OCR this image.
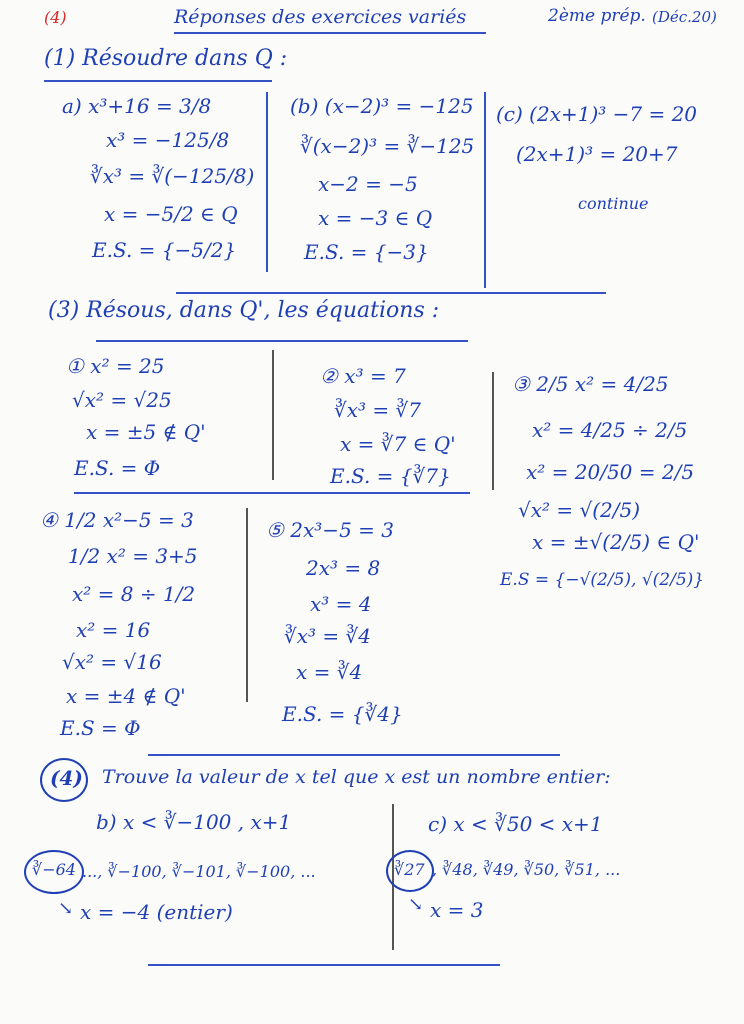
(4)	Réponses des exercices variés	2ème prép. (Déc.20)
(1) Résoudre dans Q :
a) x³+16 = 3/8
x³ = −125/8
∛x³ = ∛(−125/8)
x = −5/2 ∈ Q
E.S. = {−5/2}
(b) (x−2)³ = −125
∛(x−2)³ = ∛−125
x−2 = −5
x = −3 ∈ Q
E.S. = {−3}
(c) (2x+1)³ −7 = 20
(2x+1)³ = 20+7
continue
(3) Résous, dans Q', les équations :
① x² = 25
√x² = √25
x = ±5 ∉ Q'
E.S. = Φ
② x³ = 7
∛x³ = ∛7
x = ∛7 ∈ Q'
E.S. = {∛7}
③ 2/5 x² = 4/25
x² = 4/25 ÷ 2/5
x² = 20/50 = 2/5
√x² = √(2/5)
x = ±√(2/5) ∈ Q'
E.S = {−√(2/5), √(2/5)}
④ 1/2 x²−5 = 3
1/2 x² = 3+5
x² = 8 ÷ 1/2
x² = 16
√x² = √16
x = ±4 ∉ Q'
E.S = Φ
⑤ 2x³−5 = 3
2x³ = 8
x³ = 4
∛x³ = ∛4
x = ∛4
E.S. = {∛4}
(4) Trouve la valeur de x tel que x est un nombre entier:
b) x < ∛−100 , x+1
∛−64 ..., ∛−100, ∛−101, ∛−100, ...
↘ x = −4 (entier)
c) x < ∛50 < x+1
∛27 , ∛48, ∛49, ∛50, ∛51, ...
↘ x = 3
